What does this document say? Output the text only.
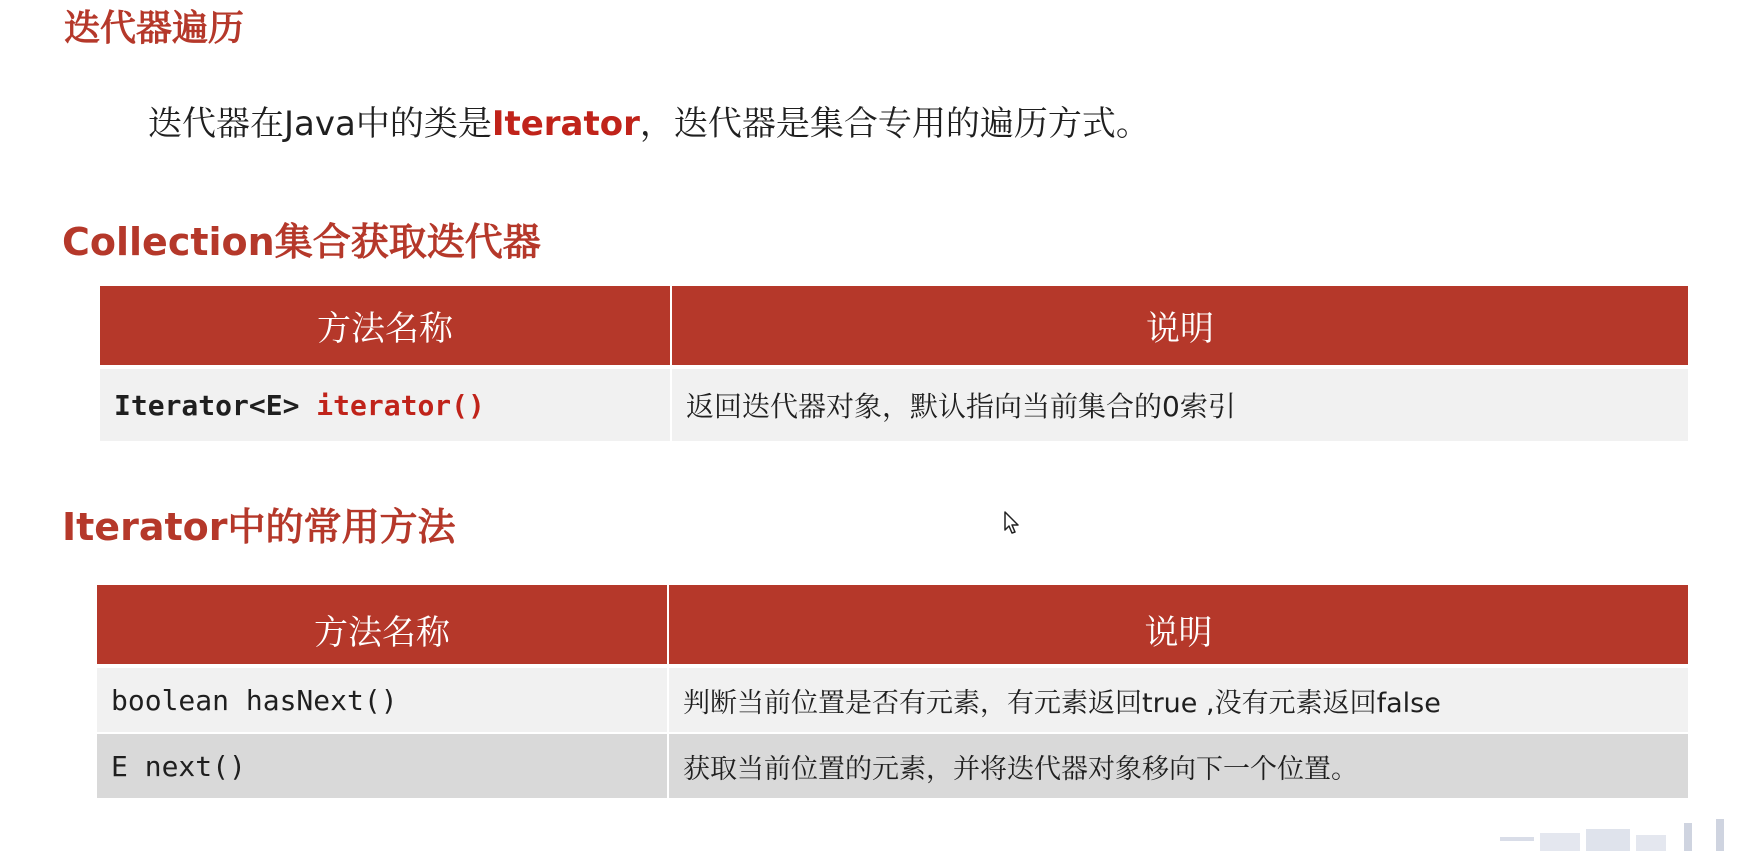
迭代器遍历
迭代器在Java中的类是Iterator，迭代器是集合专用的遍历方式。
Collection集合获取迭代器
方法名称	说明
Iterator<E> iterator()	返回迭代器对象，默认指向当前集合的0索引
Iterator中的常用方法
方法名称	说明
boolean hasNext()	判断当前位置是否有元素，有元素返回true ,没有元素返回false
E next()	获取当前位置的元素，并将迭代器对象移向下一个位置。
